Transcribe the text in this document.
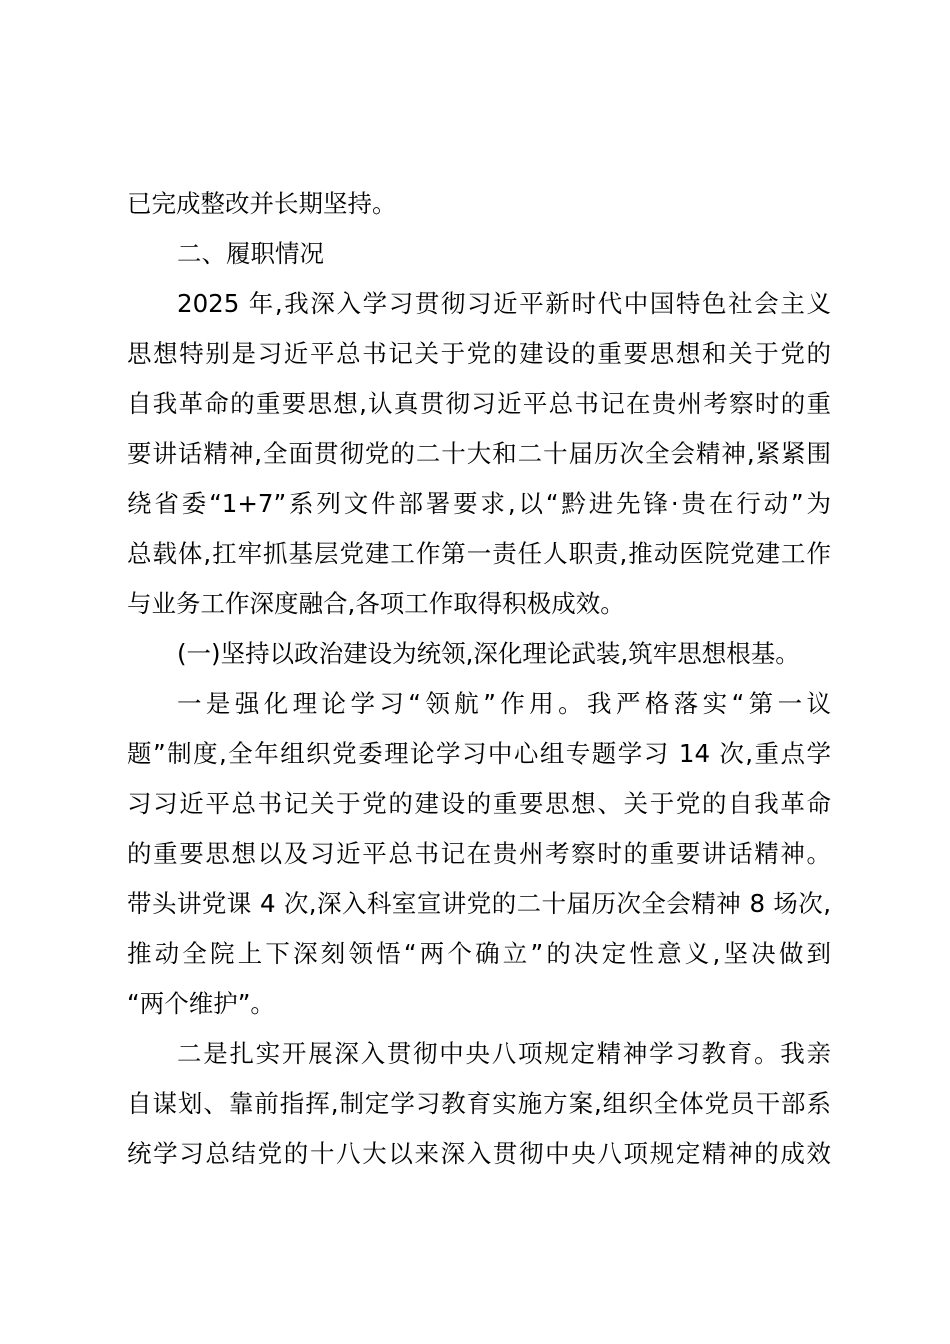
已完成整改并长期坚持。
二、履职情况
2025 年,我深入学习贯彻习近平新时代中国特色社会主义
思想特别是习近平总书记关于党的建设的重要思想和关于党的
自我革命的重要思想,认真贯彻习近平总书记在贵州考察时的重
要讲话精神,全面贯彻党的二十大和二十届历次全会精神,紧紧围
绕省委“1+7”系列文件部署要求,以“黔进先锋·贵在行动”为
总载体,扛牢抓基层党建工作第一责任人职责,推动医院党建工作
与业务工作深度融合,各项工作取得积极成效。
(一)坚持以政治建设为统领,深化理论武装,筑牢思想根基。
一是强化理论学习“领航”作用。我严格落实“第一议
题”制度,全年组织党委理论学习中心组专题学习 14 次,重点学
习习近平总书记关于党的建设的重要思想、关于党的自我革命
的重要思想以及习近平总书记在贵州考察时的重要讲话精神。
带头讲党课 4 次,深入科室宣讲党的二十届历次全会精神 8 场次,
推动全院上下深刻领悟“两个确立”的决定性意义,坚决做到
“两个维护”。
二是扎实开展深入贯彻中央八项规定精神学习教育。我亲
自谋划、靠前指挥,制定学习教育实施方案,组织全体党员干部系
统学习总结党的十八大以来深入贯彻中央八项规定精神的成效
